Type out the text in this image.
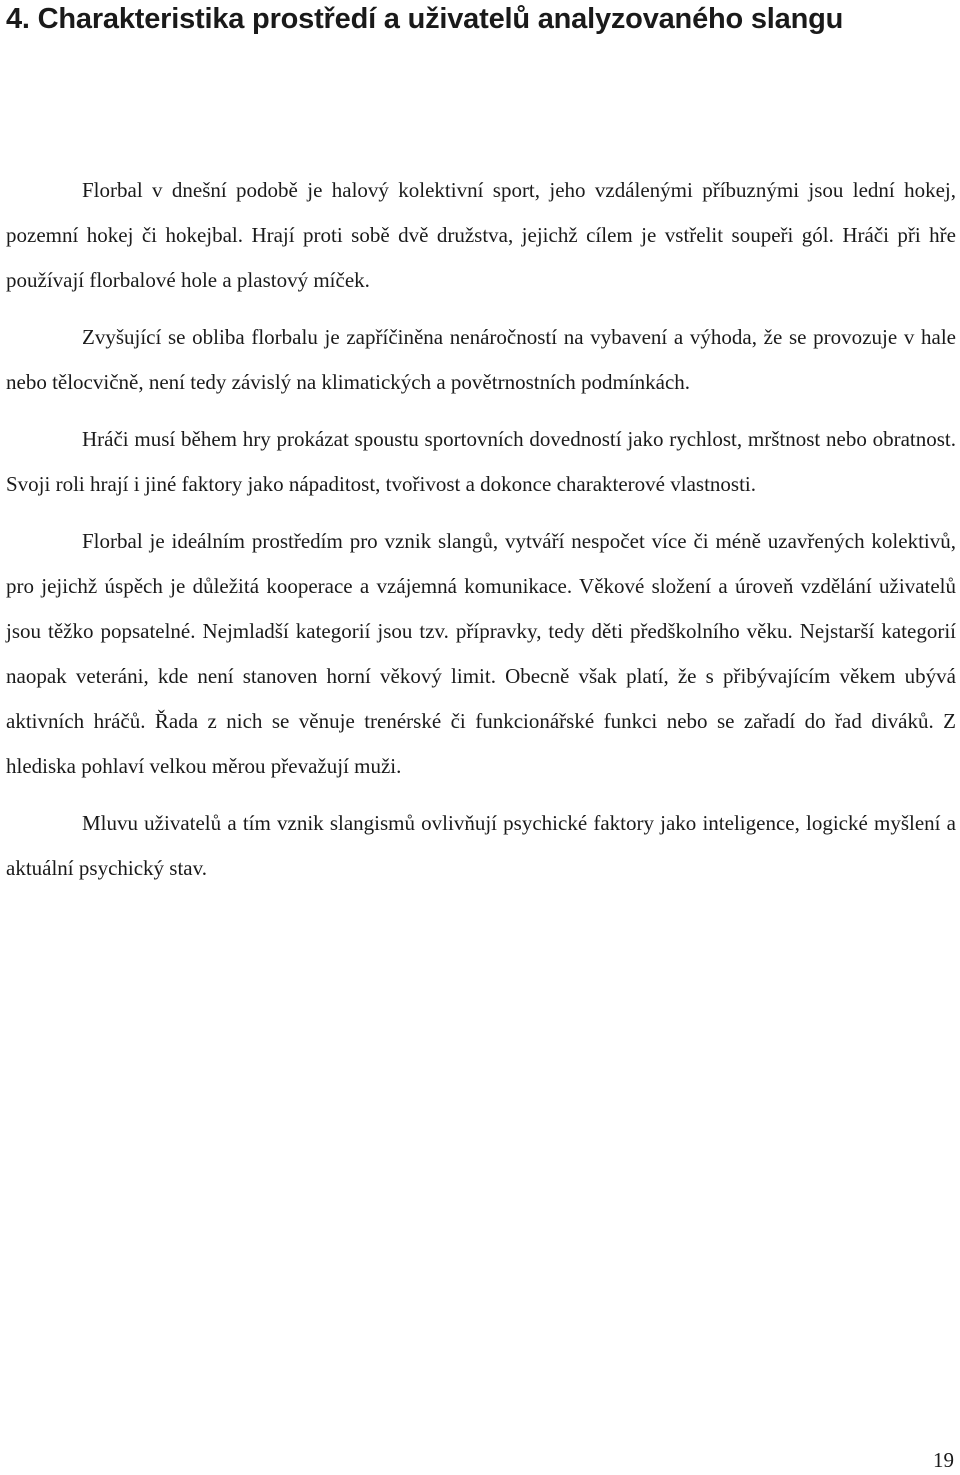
4. Charakteristika prostředí a uživatelů analyzovaného slangu

Florbal v dnešní podobě je halový kolektivní sport, jeho vzdálenými příbuznými jsou lední hokej, pozemní hokej či hokejbal. Hrají proti sobě dvě družstva, jejichž cílem je vstřelit soupeři gól. Hráči při hře používají florbalové hole a plastový míček.

Zvyšující se obliba florbalu je zapříčiněna nenáročností na vybavení a výhoda, že se provozuje v hale nebo tělocvičně, není tedy závislý na klimatických a povětrnostních podmínkách.

Hráči musí během hry prokázat spoustu sportovních dovedností jako rychlost, mrštnost nebo obratnost. Svoji roli hrají i jiné faktory jako nápaditost, tvořivost a dokonce charakterové vlastnosti.

Florbal je ideálním prostředím pro vznik slangů, vytváří nespočet více či méně uzavřených kolektivů, pro jejichž úspěch je důležitá kooperace a vzájemná komunikace. Věkové složení a úroveň vzdělání uživatelů jsou těžko popsatelné. Nejmladší kategorií jsou tzv. přípravky, tedy děti předškolního věku. Nejstarší kategorií naopak veteráni, kde není stanoven horní věkový limit. Obecně však platí, že s přibývajícím věkem ubývá aktivních hráčů. Řada z nich se věnuje trenérské či funkcionářské funkci nebo se zařadí do řad diváků. Z hlediska pohlaví velkou měrou převažují muži.

Mluvu uživatelů a tím vznik slangismů ovlivňují psychické faktory jako inteligence, logické myšlení a aktuální psychický stav.

19
